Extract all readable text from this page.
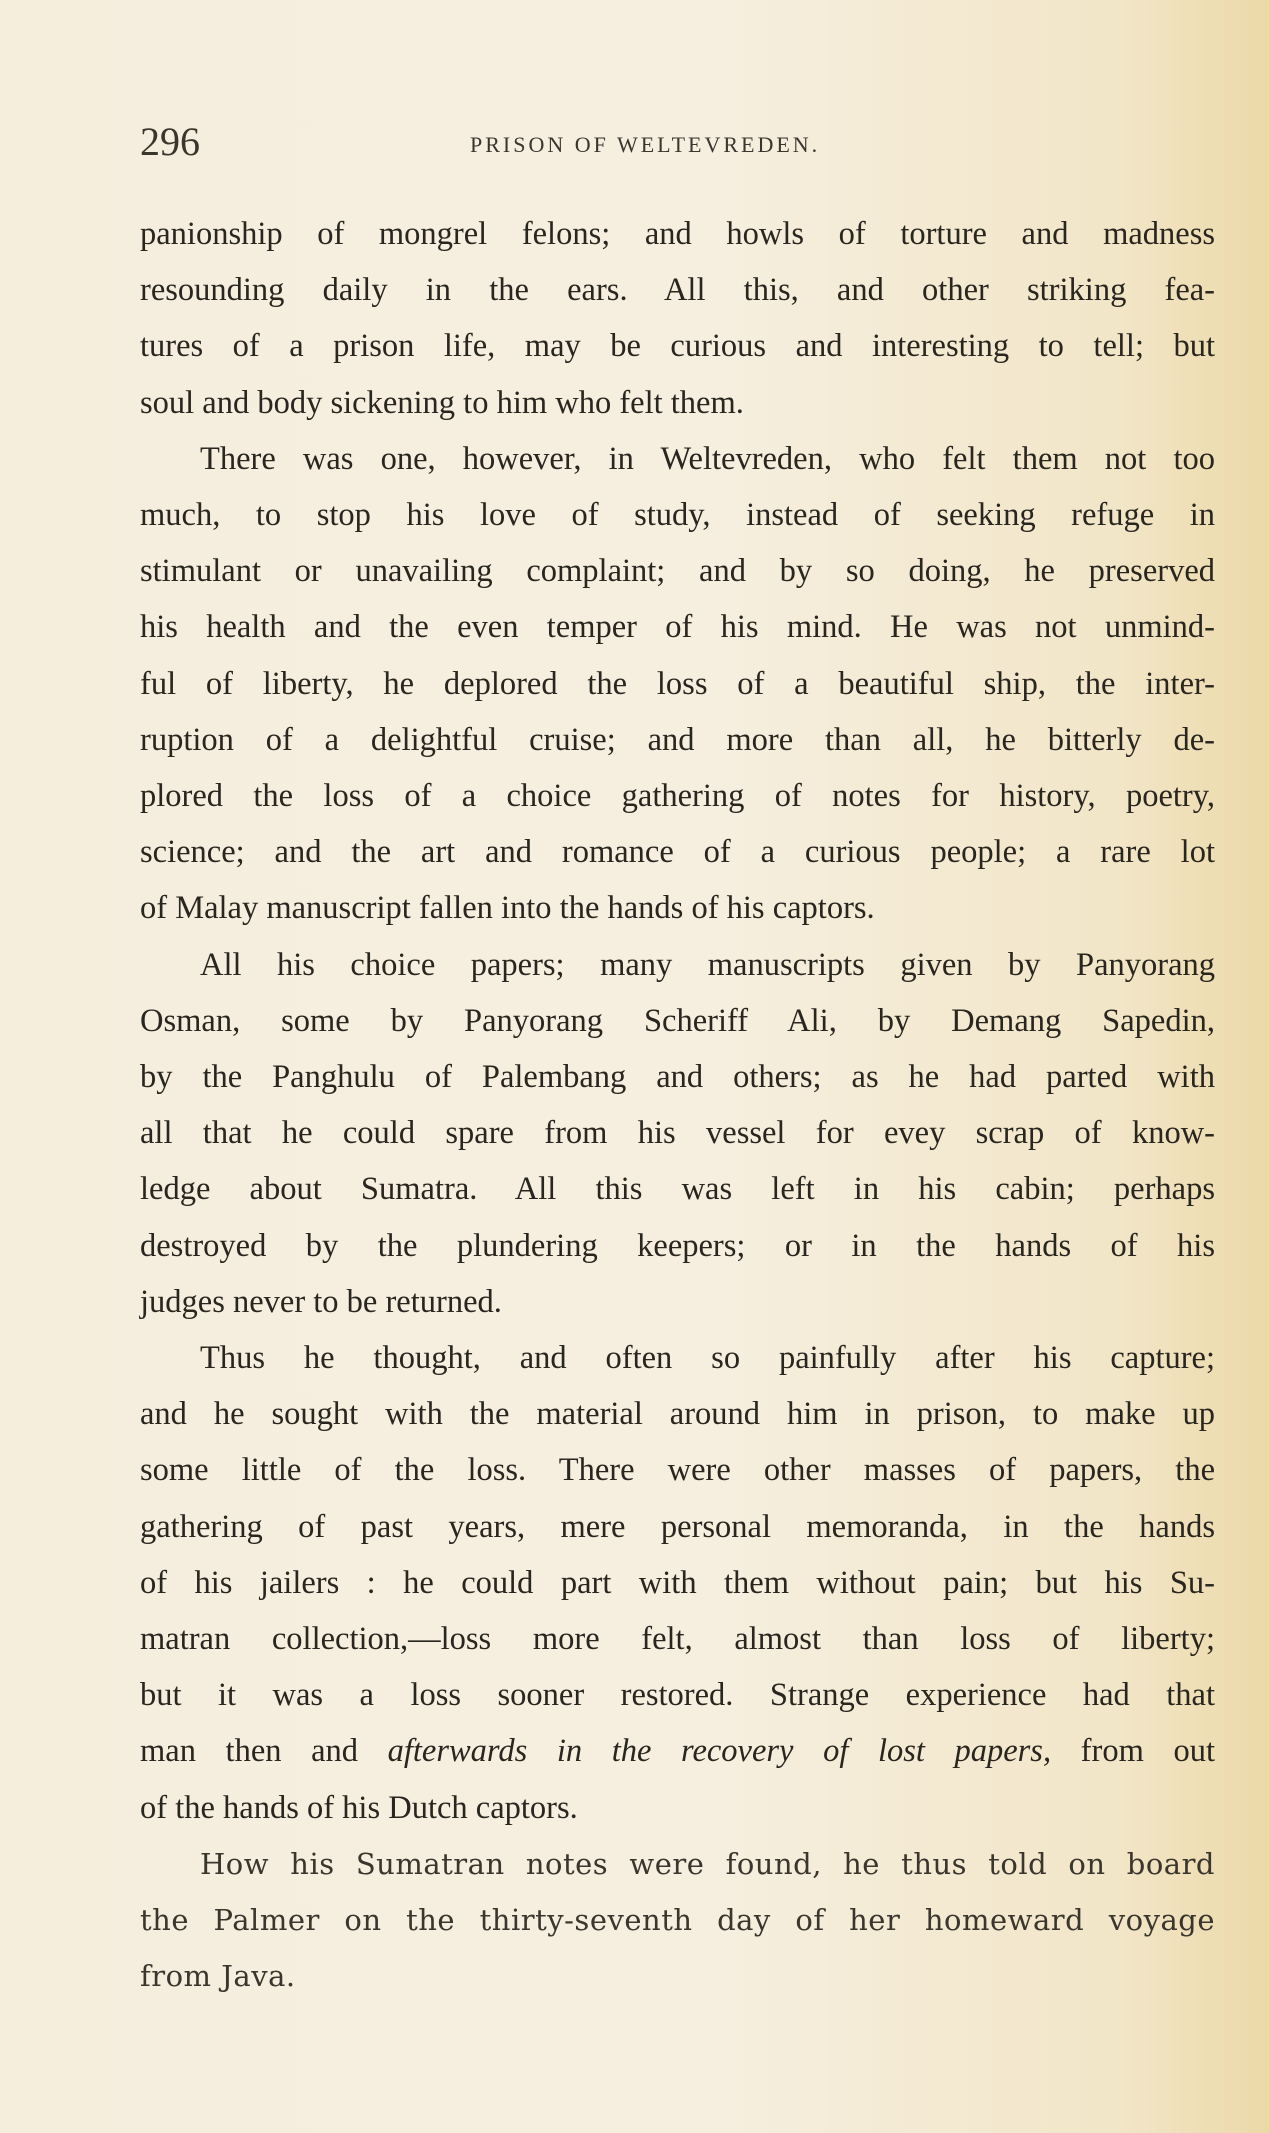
296	PRISON OF WELTEVREDEN.

panionship of mongrel felons; and howls of torture and madness
resounding daily in the ears. All this, and other striking fea-
tures of a prison life, may be curious and interesting to tell; but
soul and body sickening to him who felt them.

There was one, however, in Weltevreden, who felt them not too
much, to stop his love of study, instead of seeking refuge in
stimulant or unavailing complaint; and by so doing, he preserved
his health and the even temper of his mind. He was not unmind-
ful of liberty, he deplored the loss of a beautiful ship, the inter-
ruption of a delightful cruise; and more than all, he bitterly de-
plored the loss of a choice gathering of notes for history, poetry,
science; and the art and romance of a curious people; a rare lot
of Malay manuscript fallen into the hands of his captors.

All his choice papers; many manuscripts given by Panyorang
Osman, some by Panyorang Scheriff Ali, by Demang Sapedin,
by the Panghulu of Palembang and others; as he had parted with
all that he could spare from his vessel for evey scrap of know-
ledge about Sumatra. All this was left in his cabin; perhaps
destroyed by the plundering keepers; or in the hands of his
judges never to be returned.

Thus he thought, and often so painfully after his capture;
and he sought with the material around him in prison, to make up
some little of the loss. There were other masses of papers, the
gathering of past years, mere personal memoranda, in the hands
of his jailers : he could part with them without pain; but his Su-
matran collection,—loss more felt, almost than loss of liberty;
but it was a loss sooner restored. Strange experience had that
man then and afterwards in the recovery of lost papers, from out
of the hands of his Dutch captors.

How his Sumatran notes were found, he thus told on board
the Palmer on the thirty-seventh day of her homeward voyage
from Java.
